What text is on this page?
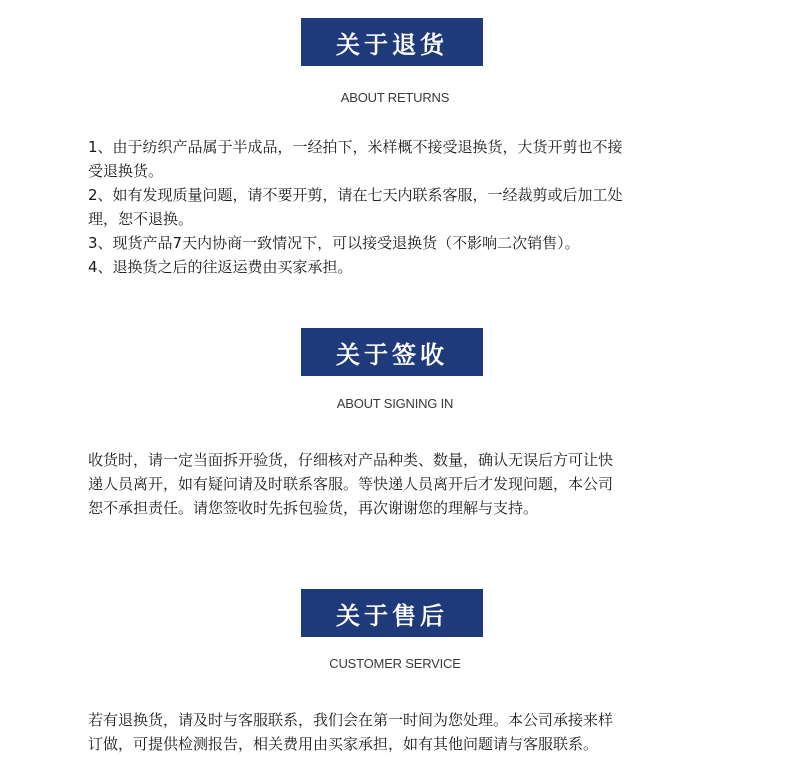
关于退货
ABOUT RETURNS
1、由于纺织产品属于半成品，一经拍下，米样概不接受退换货，大货开剪也不接
受退换货。
2、如有发现质量问题，请不要开剪，请在七天内联系客服，一经裁剪或后加工处
理，恕不退换。
3、现货产品7天内协商一致情况下，可以接受退换货（不影响二次销售）。
4、退换货之后的往返运费由买家承担。
关于签收
ABOUT SIGNING IN
收货时，请一定当面拆开验货，仔细核对产品种类、数量，确认无误后方可让快
递人员离开，如有疑问请及时联系客服。等快递人员离开后才发现问题，本公司
恕不承担责任。请您签收时先拆包验货，再次谢谢您的理解与支持。
关于售后
CUSTOMER SERVICE
若有退换货，请及时与客服联系，我们会在第一时间为您处理。本公司承接来样
订做，可提供检测报告，相关费用由买家承担，如有其他问题请与客服联系。
